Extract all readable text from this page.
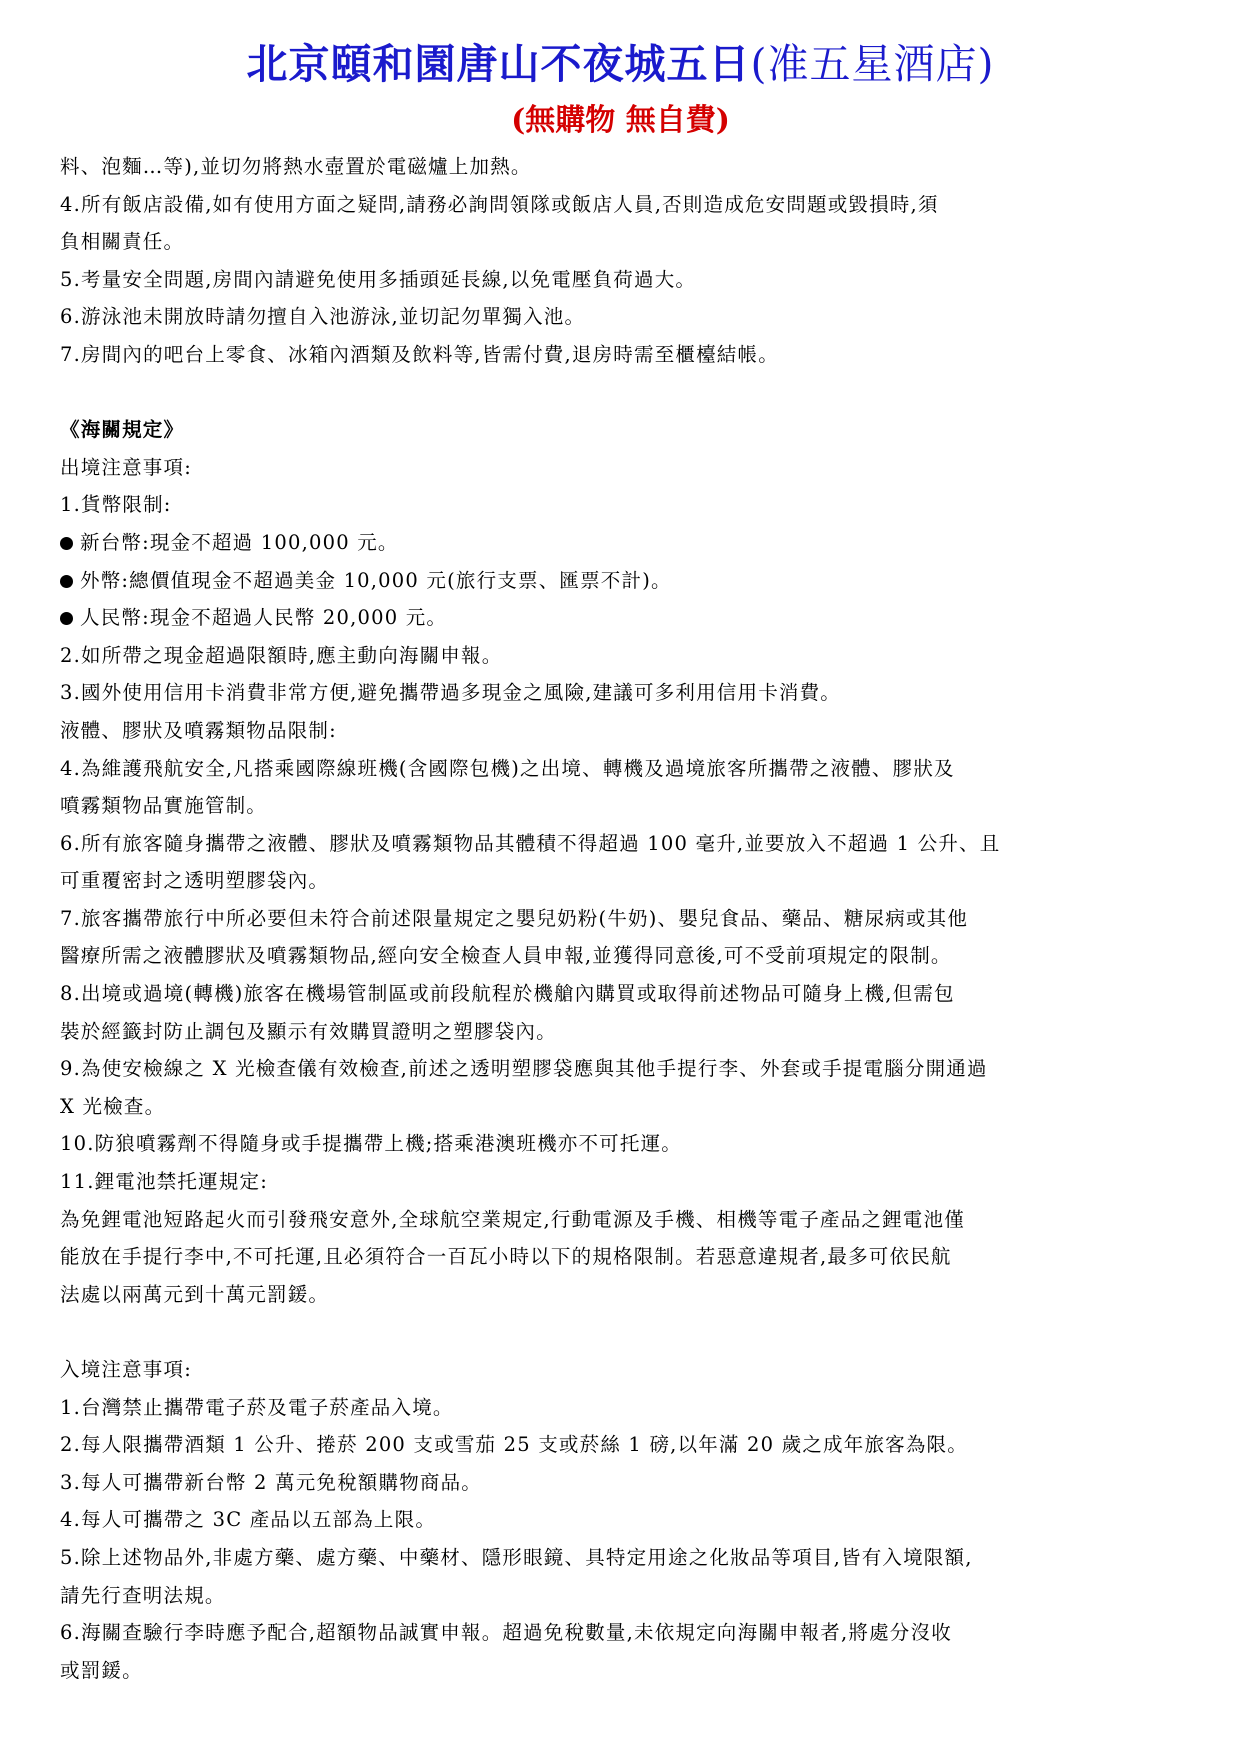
北京頤和園唐山不夜城五日(准五星酒店)
(無購物 無自費)
料、泡麵…等),並切勿將熱水壺置於電磁爐上加熱。
4.所有飯店設備,如有使用方面之疑問,請務必詢問領隊或飯店人員,否則造成危安問題或毀損時,須
負相關責任。
5.考量安全問題,房間內請避免使用多插頭延長線,以免電壓負荷過大。
6.游泳池未開放時請勿擅自入池游泳,並切記勿單獨入池。
7.房間內的吧台上零食、冰箱內酒類及飲料等,皆需付費,退房時需至櫃檯結帳。
《海關規定》
出境注意事項:
1.貨幣限制:
新台幣:現金不超過 100,000 元。
外幣:總價值現金不超過美金 10,000 元(旅行支票、匯票不計)。
人民幣:現金不超過人民幣 20,000 元。
2.如所帶之現金超過限額時,應主動向海關申報。
3.國外使用信用卡消費非常方便,避免攜帶過多現金之風險,建議可多利用信用卡消費。
液體、膠狀及噴霧類物品限制:
4.為維護飛航安全,凡搭乘國際線班機(含國際包機)之出境、轉機及過境旅客所攜帶之液體、膠狀及
噴霧類物品實施管制。
6.所有旅客隨身攜帶之液體、膠狀及噴霧類物品其體積不得超過 100 毫升,並要放入不超過 1 公升、且
可重覆密封之透明塑膠袋內。
7.旅客攜帶旅行中所必要但未符合前述限量規定之嬰兒奶粉(牛奶)、嬰兒食品、藥品、糖尿病或其他
醫療所需之液體膠狀及噴霧類物品,經向安全檢查人員申報,並獲得同意後,可不受前項規定的限制。
8.出境或過境(轉機)旅客在機場管制區或前段航程於機艙內購買或取得前述物品可隨身上機,但需包
裝於經籤封防止調包及顯示有效購買證明之塑膠袋內。
9.為使安檢線之 X 光檢查儀有效檢查,前述之透明塑膠袋應與其他手提行李、外套或手提電腦分開通過
X 光檢查。
10.防狼噴霧劑不得隨身或手提攜帶上機;搭乘港澳班機亦不可托運。
11.鋰電池禁托運規定:
為免鋰電池短路起火而引發飛安意外,全球航空業規定,行動電源及手機、相機等電子產品之鋰電池僅
能放在手提行李中,不可托運,且必須符合一百瓦小時以下的規格限制。若惡意違規者,最多可依民航
法處以兩萬元到十萬元罰鍰。
入境注意事項:
1.台灣禁止攜帶電子菸及電子菸產品入境。
2.每人限攜帶酒類 1 公升、捲菸 200 支或雪茄 25 支或菸絲 1 磅,以年滿 20 歲之成年旅客為限。
3.每人可攜帶新台幣 2 萬元免稅額購物商品。
4.每人可攜帶之 3C 產品以五部為上限。
5.除上述物品外,非處方藥、處方藥、中藥材、隱形眼鏡、具特定用途之化妝品等項目,皆有入境限額,
請先行查明法規。
6.海關查驗行李時應予配合,超額物品誠實申報。超過免稅數量,未依規定向海關申報者,將處分沒收
或罰鍰。
